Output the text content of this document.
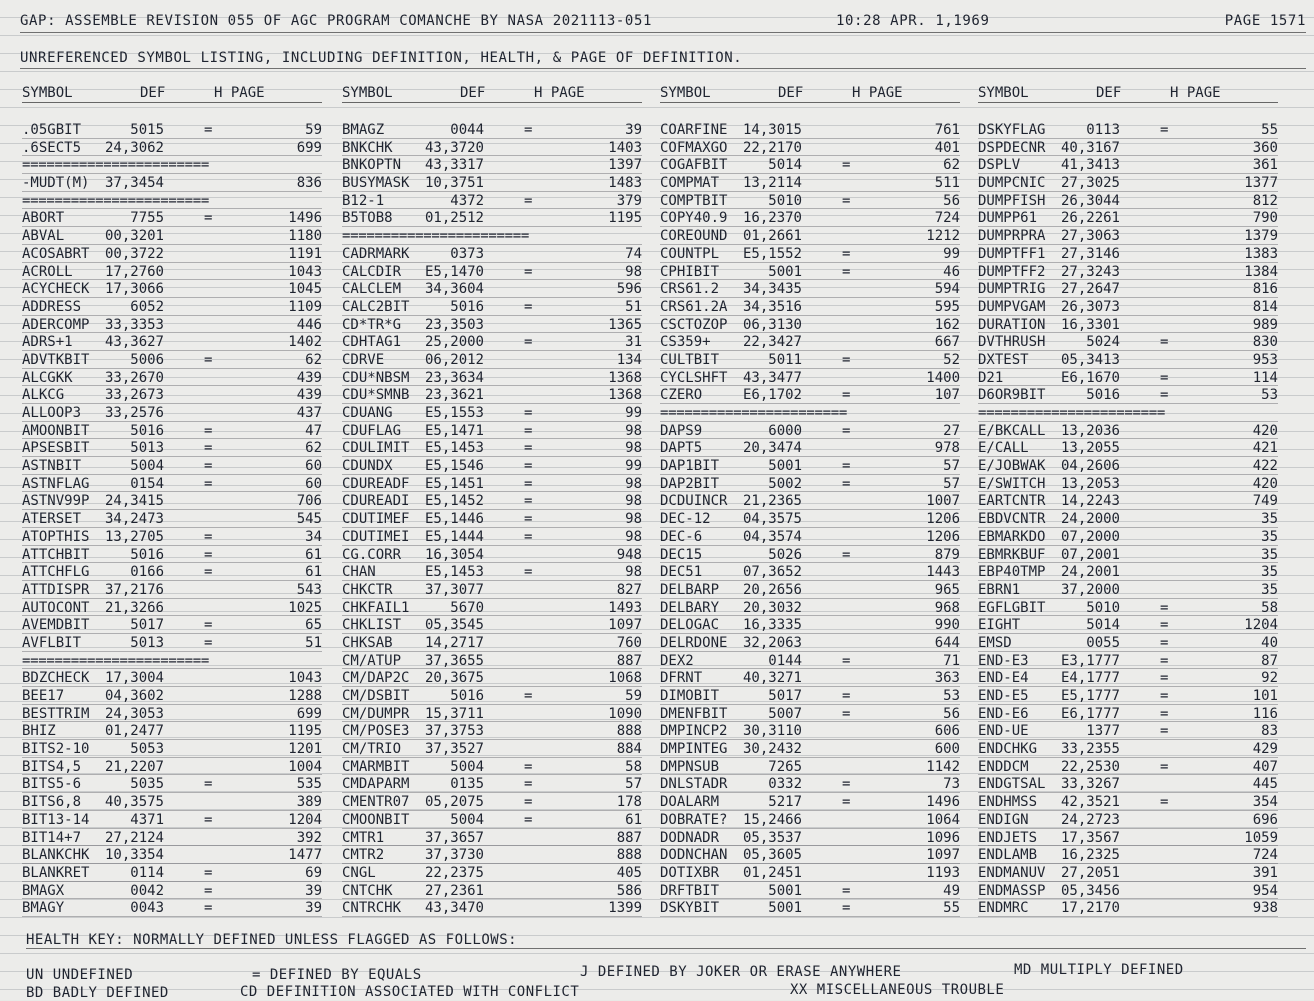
GAP: ASSEMBLE REVISION 055 OF AGC PROGRAM COMANCHE BY NASA 2021113-051	10:28 APR. 1,1969	PAGE 1571
UNREFERENCED SYMBOL LISTING, INCLUDING DEFINITION, HEALTH, & PAGE OF DEFINITION.
SYMBOL	DEF	H PAGE
.05GBIT	5015	=	59
.6SECT5 24,3062	699
=======================
-MUDT(M) 37,3454	836
=======================
ABORT	7755	=	1496
ABVAL	00,3201	1180
ACOSABRT 00,3722	1191
ACROLL 17,2760	1043
ACYCHECK 17,3066	1045
ADDRESS	6052	1109
ADERCOMP 33,3353	446
ADRS+1 43,3627	1402
ADVTKBIT	5006	=	62
ALCGKK 33,2670	439
ALKCG	33,2673	439
ALLOOP3 33,2576	437
AMOONBIT	5016	=	47
APSESBIT	5013	=	62
ASTNBIT	5004	=	60
ASTNFLAG	0154	=	60
ASTNV99P 24,3415	706
ATERSET 34,2473	545
ATOPTHIS 13,2705	=	34
ATTCHBIT	5016	=	61
ATTCHFLG	0166	=	61
ATTDISPR 37,2176	543
AUTOCONT 21,3266	1025
AVEMDBIT	5017	=	65
AVFLBIT	5013	=	51
=======================
BDZCHECK 17,3004	1043
BEE17	04,3602	1288
BESTTRIM 24,3053	699
BHIZ	01,2477	1195
BITS2-10	5053	1201
BITS4,5 21,2207	1004
BITS5-6	5035	=	535
BITS6,8 40,3575	389
BIT13-14	4371	=	1204
BIT14+7 27,2124	392
BLANKCHK 10,3354	1477
BLANKRET	0114	=	69
BMAGX	0042	=	39
BMAGY	0043	=	39
SYMBOL	DEF	H PAGE
BMAGZ	0044	=	39
BNKCHK 43,3720	1403
BNKOPTN 43,3317	1397
BUSYMASK 10,3751	1483
B12-1	4372	=	379
B5TOB8 01,2512	1195
=======================
CADRMARK	0373	74
CALCDIR E5,1470	=	98
CALCLEM 34,3604	596
CALC2BIT	5016	=	51
CD*TR*G 23,3503	1365
CDHTAG1 25,2000	=	31
CDRVE	06,2012	134
CDU*NBSM 23,3634	1368
CDU*SMNB 23,3621	1368
CDUANG E5,1553	=	99
CDUFLAG E5,1471	=	98
CDULIMIT E5,1453	=	98
CDUNDX E5,1546	=	99
CDUREADF E5,1451	=	98
CDUREADI E5,1452	=	98
CDUTIMEF E5,1446	=	98
CDUTIMEI E5,1444	=	98
CG.CORR 16,3054	948
CHAN	E5,1453	=	98
CHKCTR 37,3077	827
CHKFAIL1	5670	1493
CHKLIST 05,3545	1097
CHKSAB 14,2717	760
CM/ATUP 37,3655	887
CM/DAP2C 20,3675	1068
CM/DSBIT	5016	=	59
CM/DUMPR 15,3711	1090
CM/POSE3 37,3753	888
CM/TRIO 37,3527	884
CMARMBIT	5004	=	58
CMDAPARM	0135	=	57
CMENTR07 05,2075	=	178
CMOONBIT	5004	=	61
CMTR1	37,3657	887
CMTR2	37,3730	888
CNGL	22,2375	405
CNTCHK 27,2361	586
CNTRCHK 43,3470	1399
SYMBOL	DEF	H PAGE
COARFINE 14,3015	761
COFMAXGO 22,2170	401
COGAFBIT	5014	=	62
COMPMAT 13,2114	511
COMPTBIT	5010	=	56
COPY40.9 16,2370	724
COREOUND 01,2661	1212
COUNTPL E5,1552	=	99
CPHIBIT	5001	=	46
CRS61.2 34,3435	594
CRS61.2A 34,3516	595
CSCTOZOP 06,3130	162
CS359+ 22,3427	667
CULTBIT	5011	=	52
CYCLSHFT 43,3477	1400
CZERO	E6,1702	=	107
=======================
DAPS9	6000	=	27
DAPT5	20,3474	978
DAP1BIT	5001	=	57
DAP2BIT	5002	=	57
DCDUINCR 21,2365	1007
DEC-12 04,3575	1206
DEC-6	04,3574	1206
DEC15	5026	=	879
DEC51	07,3652	1443
DELBARP 20,2656	965
DELBARY 20,3032	968
DELOGAC 16,3335	990
DELRDONE 32,2063	644
DEX2	0144	=	71
DFRNT	40,3271	363
DIMOBIT	5017	=	53
DMENFBIT	5007	=	56
DMPINCP2 30,3110	606
DMPINTEG 30,2432	600
DMPNSUB	7265	1142
DNLSTADR	0332	=	73
DOALARM	5217	=	1496
DOBRATE? 15,2466	1064
DODNADR 05,3537	1096
DODNCHAN 05,3605	1097
DOTIXBR 01,2451	1193
DRFTBIT	5001	=	49
DSKYBIT	5001	=	55
SYMBOL	DEF	H PAGE
DSKYFLAG	0113	=	55
DSPDECNR 40,3167	360
DSPLV	41,3413	361
DUMPCNIC 27,3025	1377
DUMPFISH 26,3044	812
DUMPP61 26,2261	790
DUMPRPRA 27,3063	1379
DUMPTFF1 27,3146	1383
DUMPTFF2 27,3243	1384
DUMPTRIG 27,2647	816
DUMPVGAM 26,3073	814
DURATION 16,3301	989
DVTHRUSH	5024	=	830
DXTEST 05,3413	953
D21	E6,1670	=	114
D6OR9BIT	5016	=	53
=======================
E/BKCALL 13,2036	420
E/CALL 13,2055	421
E/JOBWAK 04,2606	422
E/SWITCH 13,2053	420
EARTCNTR 14,2243	749
EBDVCNTR 24,2000	35
EBMARKDO 07,2000	35
EBMRKBUF 07,2001	35
EBP40TMP 24,2001	35
EBRN1	37,2000	35
EGFLGBIT	5010	=	58
EIGHT	5014	=	1204
EMSD	0055	=	40
END-E3 E3,1777	=	87
END-E4 E4,1777	=	92
END-E5 E5,1777	=	101
END-E6 E6,1777	=	116
END-UE	1377	=	83
ENDCHKG 33,2355	429
ENDDCM 22,2530	=	407
ENDGTSAL 33,3267	445
ENDHMSS 42,3521	=	354
ENDIGN 24,2723	696
ENDJETS 17,3567	1059
ENDLAMB 16,2325	724
ENDMANUV 27,2051	391
ENDMASSP 05,3456	954
ENDMRC 17,2170	938
HEALTH KEY: NORMALLY DEFINED UNLESS FLAGGED AS FOLLOWS:
UN UNDEFINED	= DEFINED BY EQUALS	J DEFINED BY JOKER OR ERASE ANYWHERE	MD MULTIPLY DEFINED
BD BADLY DEFINED	CD DEFINITION ASSOCIATED WITH CONFLICT	XX MISCELLANEOUS TROUBLE
